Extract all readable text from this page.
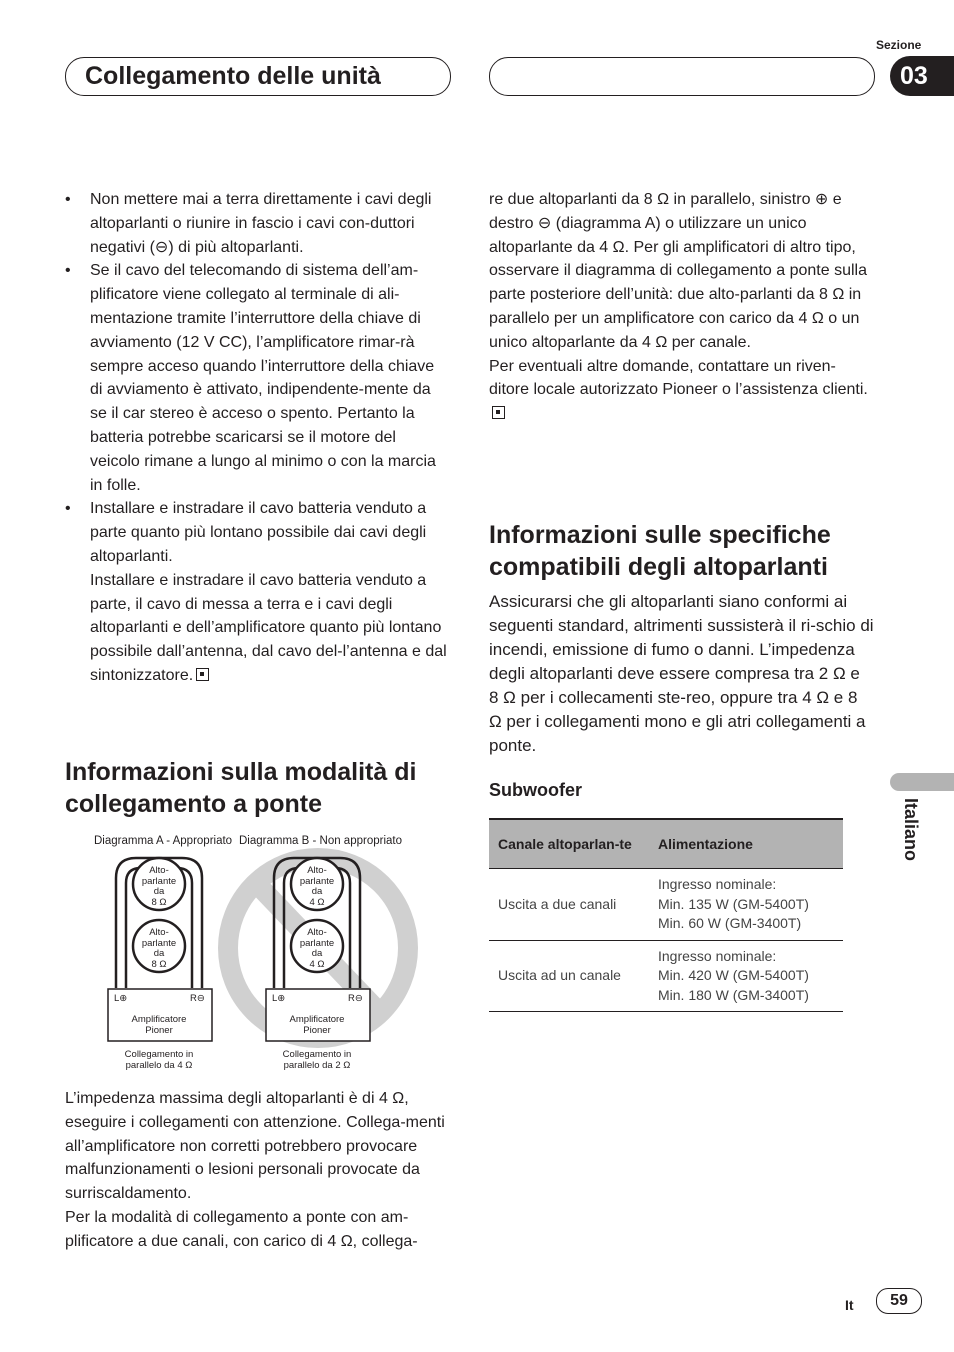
Collegamento delle unità
Sezione
03
• Non mettere mai a terra direttamente i cavi degli altoparlanti o riunire in fascio i cavi con-duttori negativi (⊖) di più altoparlanti.
• Se il cavo del telecomando di sistema dell’am-plificatore viene collegato al terminale di ali-mentazione tramite l’interruttore della chiave di avviamento (12 V CC), l’amplificatore rimar-rà sempre acceso quando l’interruttore della chiave di avviamento è attivato, indipendente-mente da se il car stereo è acceso o spento. Pertanto la batteria potrebbe scaricarsi se il motore del veicolo rimane a lungo al minimo o con la marcia in folle.
• Installare e instradare il cavo batteria venduto a parte quanto più lontano possibile dai cavi degli altoparlanti.
Installare e instradare il cavo batteria venduto a parte, il cavo di messa a terra e i cavi degli altoparlanti e dell’amplificatore quanto più lontano possibile dall’antenna, dal cavo del-l’antenna e dal sintonizzatore.
Informazioni sulla modalità di collegamento a ponte
Diagramma A - Appropriato Diagramma B - Non appropriato
Alto-
parlante
da
8 Ω
Alto-
parlante
da
8 Ω
L⊕	R⊖
Amplificatore
Pioner
Collegamento in
parallelo da 4 Ω
Alto-
parlante
da
4 Ω
Alto-
parlante
da
4 Ω
L⊕	R⊖
Amplificatore
Pioner
Collegamento in
parallelo da 2 Ω

L’impedenza massima degli altoparlanti è di 4 Ω, eseguire i collegamenti con attenzione. Collega-menti all’amplificatore non corretti potrebbero provocare malfunzionamenti o lesioni personali provocate da surriscaldamento.

Per la modalità di collegamento a ponte con am-plificatore a due canali, con carico di 4 Ω, collega-

re due altoparlanti da 8 Ω in parallelo, sinistro ⊕ e destro ⊖ (diagramma A) o utilizzare un unico altoparlante da 4 Ω. Per gli amplificatori di altro tipo, osservare il diagramma di collegamento a ponte sulla parte posteriore dell’unità: due alto-parlanti da 8 Ω in parallelo per un amplificatore con carico da 4 Ω o un unico altoparlante da 4 Ω per canale.

Per eventuali altre domande, contattare un riven-ditore locale autorizzato Pioneer o l’assistenza clienti.

Informazioni sulle specifiche compatibili degli altoparlanti
Assicurarsi che gli altoparlanti siano conformi ai seguenti standard, altrimenti sussisterà il ri-schio di incendi, emissione di fumo o danni. L’impedenza degli altoparlanti deve essere compresa tra 2 Ω e 8 Ω per i collecamenti ste-reo, oppure tra 4 Ω e 8 Ω per i collegamenti mono e gli atri collegamenti a ponte.
Subwoofer
Canale altoparlan-te	Alimentazione
Uscita a due canali	Ingresso nominale:
Min. 135 W (GM-5400T)
Min. 60 W (GM-3400T)

Uscita ad un canale	Ingresso nominale:
Min. 420 W (GM-5400T)
Min. 180 W (GM-3400T)
Italiano
It	59
